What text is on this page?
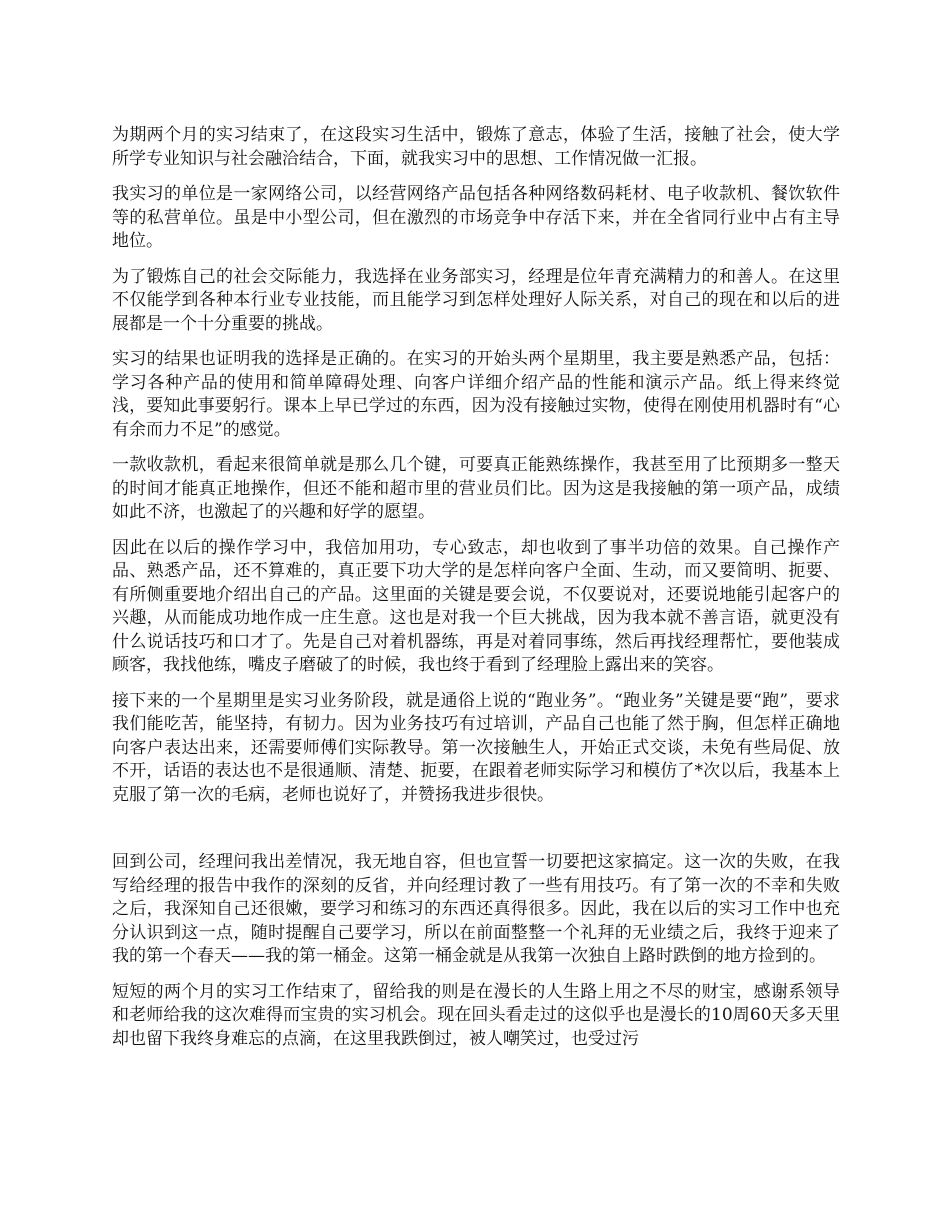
为期两个月的实习结束了，在这段实习生活中，锻炼了意志，体验了生活，接触了社会，使大学所学专业知识与社会融洽结合，下面，就我实习中的思想、工作情况做一汇报。

我实习的单位是一家网络公司，以经营网络产品包括各种网络数码耗材、电子收款机、餐饮软件等的私营单位。虽是中小型公司，但在激烈的市场竞争中存活下来，并在全省同行业中占有主导地位。

为了锻炼自己的社会交际能力，我选择在业务部实习，经理是位年青充满精力的和善人。在这里不仅能学到各种本行业专业技能，而且能学习到怎样处理好人际关系，对自己的现在和以后的进展都是一个十分重要的挑战。

实习的结果也证明我的选择是正确的。在实习的开始头两个星期里，我主要是熟悉产品，包括：学习各种产品的使用和简单障碍处理、向客户详细介绍产品的性能和演示产品。纸上得来终觉浅，要知此事要躬行。课本上早已学过的东西，因为没有接触过实物，使得在刚使用机器时有“心有余而力不足”的感觉。

一款收款机，看起来很简单就是那么几个键，可要真正能熟练操作，我甚至用了比预期多一整天的时间才能真正地操作，但还不能和超市里的营业员们比。因为这是我接触的第一项产品，成绩如此不济，也激起了的兴趣和好学的愿望。

因此在以后的操作学习中，我倍加用功，专心致志，却也收到了事半功倍的效果。自己操作产品、熟悉产品，还不算难的，真正要下功大学的是怎样向客户全面、生动，而又要简明、扼要、有所侧重要地介绍出自己的产品。这里面的关键是要会说，不仅要说对，还要说地能引起客户的兴趣，从而能成功地作成一庄生意。这也是对我一个巨大挑战，因为我本就不善言语，就更没有什么说话技巧和口才了。先是自己对着机器练，再是对着同事练，然后再找经理帮忙，要他装成顾客，我找他练，嘴皮子磨破了的时候，我也终于看到了经理脸上露出来的笑容。

接下来的一个星期里是实习业务阶段，就是通俗上说的“跑业务”。“跑业务”关键是要“跑”，要求我们能吃苦，能坚持，有韧力。因为业务技巧有过培训，产品自己也能了然于胸，但怎样正确地向客户表达出来，还需要师傅们实际教导。第一次接触生人，开始正式交谈，未免有些局促、放不开，话语的表达也不是很通顺、清楚、扼要，在跟着老师实际学习和模仿了*次以后，我基本上克服了第一次的毛病，老师也说好了，并赞扬我进步很快。

回到公司，经理问我出差情况，我无地自容，但也宣誓一切要把这家搞定。这一次的失败，在我写给经理的报告中我作的深刻的反省，并向经理讨教了一些有用技巧。有了第一次的不幸和失败之后，我深知自己还很嫩，要学习和练习的东西还真得很多。因此，我在以后的实习工作中也充分认识到这一点，随时提醒自己要学习，所以在前面整整一个礼拜的无业绩之后，我终于迎来了我的第一个春天——我的第一桶金。这第一桶金就是从我第一次独自上路时跌倒的地方捡到的。

短短的两个月的实习工作结束了，留给我的则是在漫长的人生路上用之不尽的财宝，感谢系领导和老师给我的这次难得而宝贵的实习机会。现在回头看走过的这似乎也是漫长的10周60天多天里却也留下我终身难忘的点滴，在这里我跌倒过，被人嘲笑过，也受过污
